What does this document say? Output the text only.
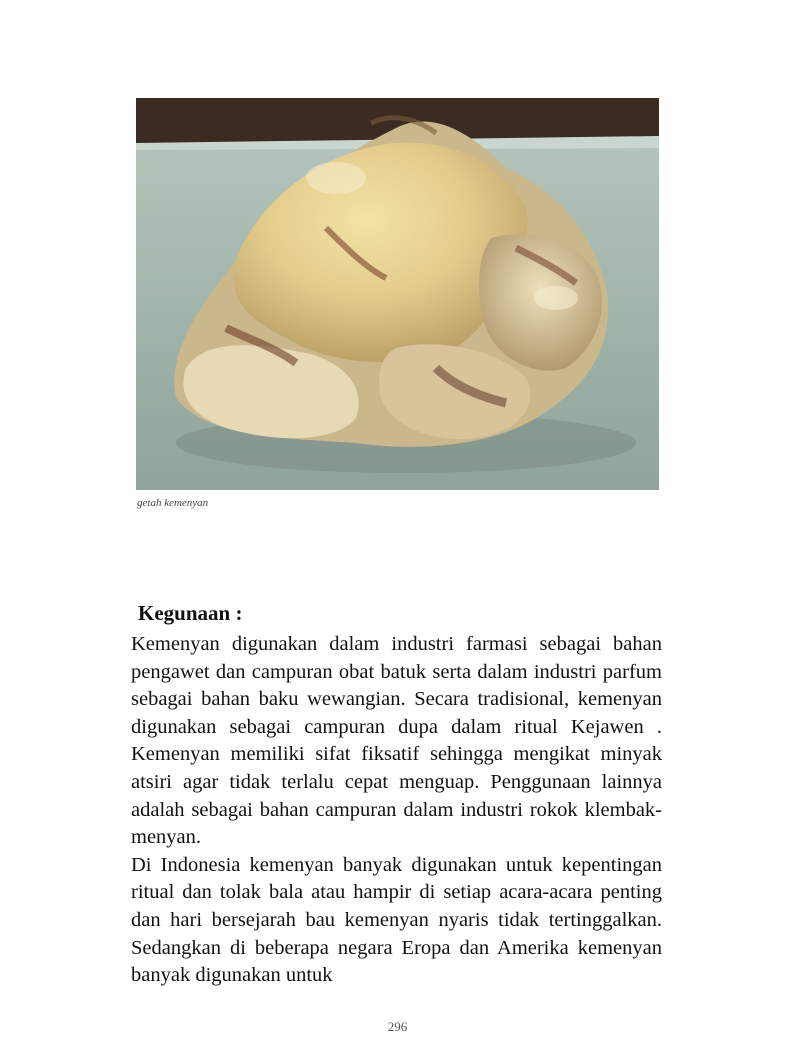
getah kemenyan
Kegunaan :

Kemenyan digunakan dalam industri farmasi sebagai bahan pengawet dan campuran obat batuk serta dalam industri parfum sebagai bahan baku wewangian. Secara tradisional, kemenyan digunakan sebagai campuran dupa dalam ritual Kejawen . Kemenyan memiliki sifat fiksatif sehingga mengikat minyak atsiri agar tidak terlalu cepat menguap. Penggunaan lainnya adalah sebagai bahan campuran dalam industri rokok klembak-menyan.

Di Indonesia kemenyan banyak digunakan untuk kepentingan ritual dan tolak bala atau hampir di setiap acara-acara penting dan hari bersejarah bau kemenyan nyaris tidak tertinggalkan. Sedangkan di beberapa negara Eropa dan Amerika kemenyan banyak digunakan untuk

296
